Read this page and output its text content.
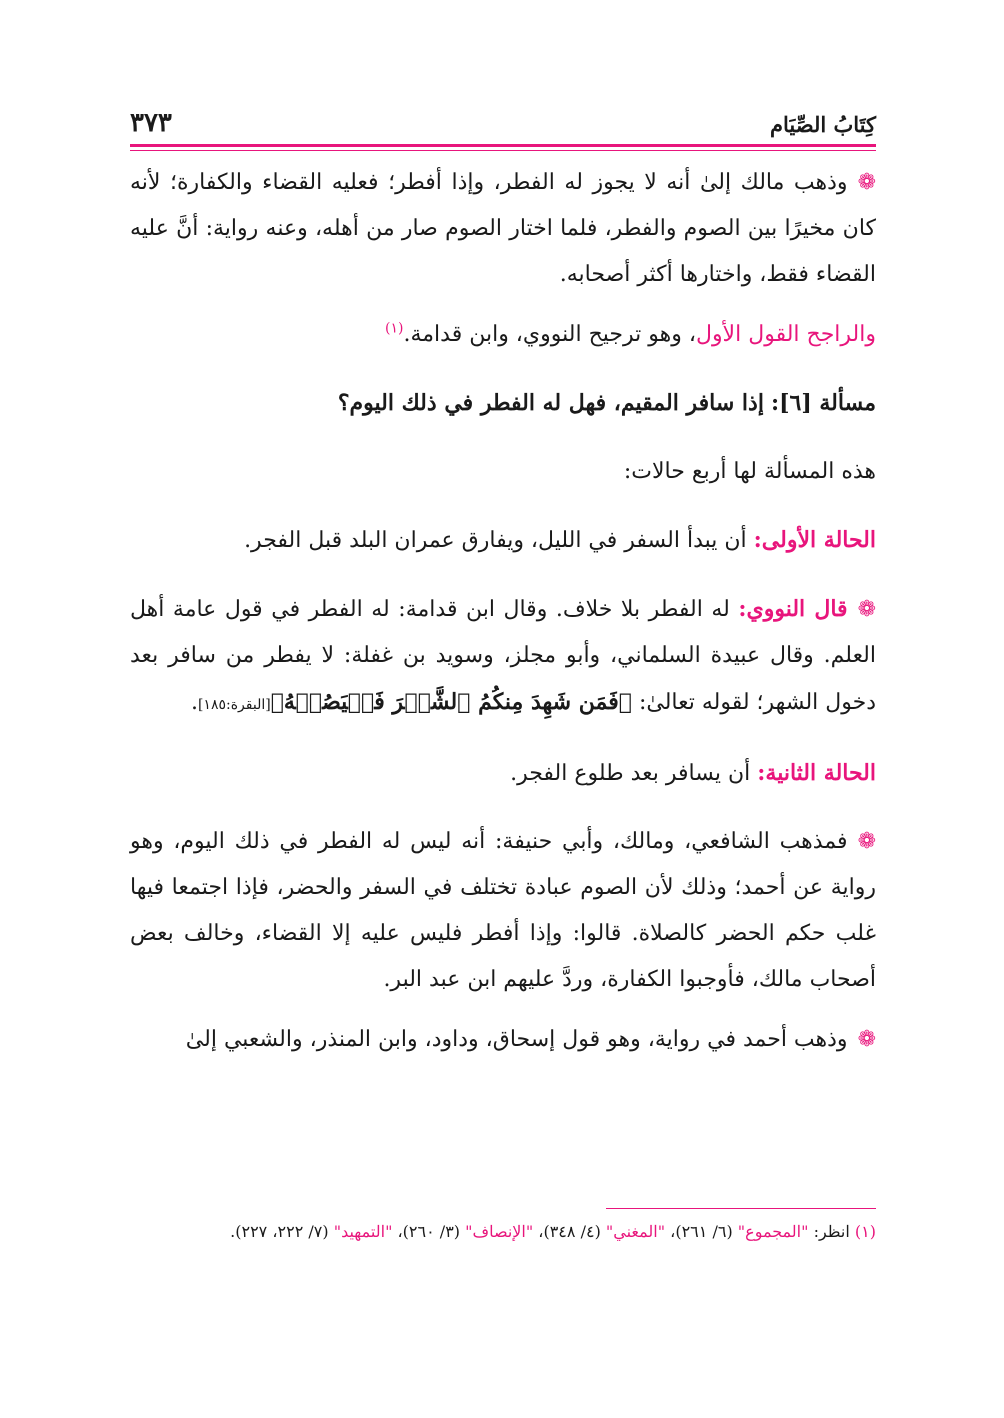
كِتَابُ الصِّيَام
٣٧٣

❁وذهب مالك إلىٰ أنه لا يجوز له الفطر، وإذا أفطر؛ فعليه القضاء والكفارة؛ لأنه كان مخيرًا بين الصوم والفطر، فلما اختار الصوم صار من أهله، وعنه رواية: أنَّ عليه القضاء فقط، واختارها أكثر أصحابه.

والراجح القول الأول، وهو ترجيح النووي، وابن قدامة.$^{(١)}$

مسألة [٦]: إذا سافر المقيم، فهل له الفطر في ذلك اليوم؟

هذه المسألة لها أربع حالات:

الحالة الأولى: أن يبدأ السفر في الليل، ويفارق عمران البلد قبل الفجر.

❁قال النووي: له الفطر بلا خلاف. وقال ابن قدامة: له الفطر في قول عامة أهل العلم. وقال عبيدة السلماني، وأبو مجلز، وسويد بن غفلة: لا يفطر من سافر بعد دخول الشهر؛ لقوله تعالىٰ: ﴿فَمَن شَهِدَ مِنكُمُ ٱلشَّهۡرَ فَلۡيَصُمۡهُ﴾[البقرة:١٨٥].

الحالة الثانية: أن يسافر بعد طلوع الفجر.

❁فمذهب الشافعي، ومالك، وأبي حنيفة: أنه ليس له الفطر في ذلك اليوم، وهو رواية عن أحمد؛ وذلك لأن الصوم عبادة تختلف في السفر والحضر، فإذا اجتمعا فيها غلب حكم الحضر كالصلاة. قالوا: وإذا أفطر فليس عليه إلا القضاء، وخالف بعض أصحاب مالك، فأوجبوا الكفارة، وردَّ عليهم ابن عبد البر.

❁وذهب أحمد في رواية، وهو قول إسحاق، وداود، وابن المنذر، والشعبي إلىٰ

(١) انظر: "المجموع" (٦/ ٢٦١)، "المغني" (٤/ ٣٤٨)، "الإنصاف" (٣/ ٢٦٠)، "التمهيد" (٧/ ٢٢٢، ٢٢٧).
